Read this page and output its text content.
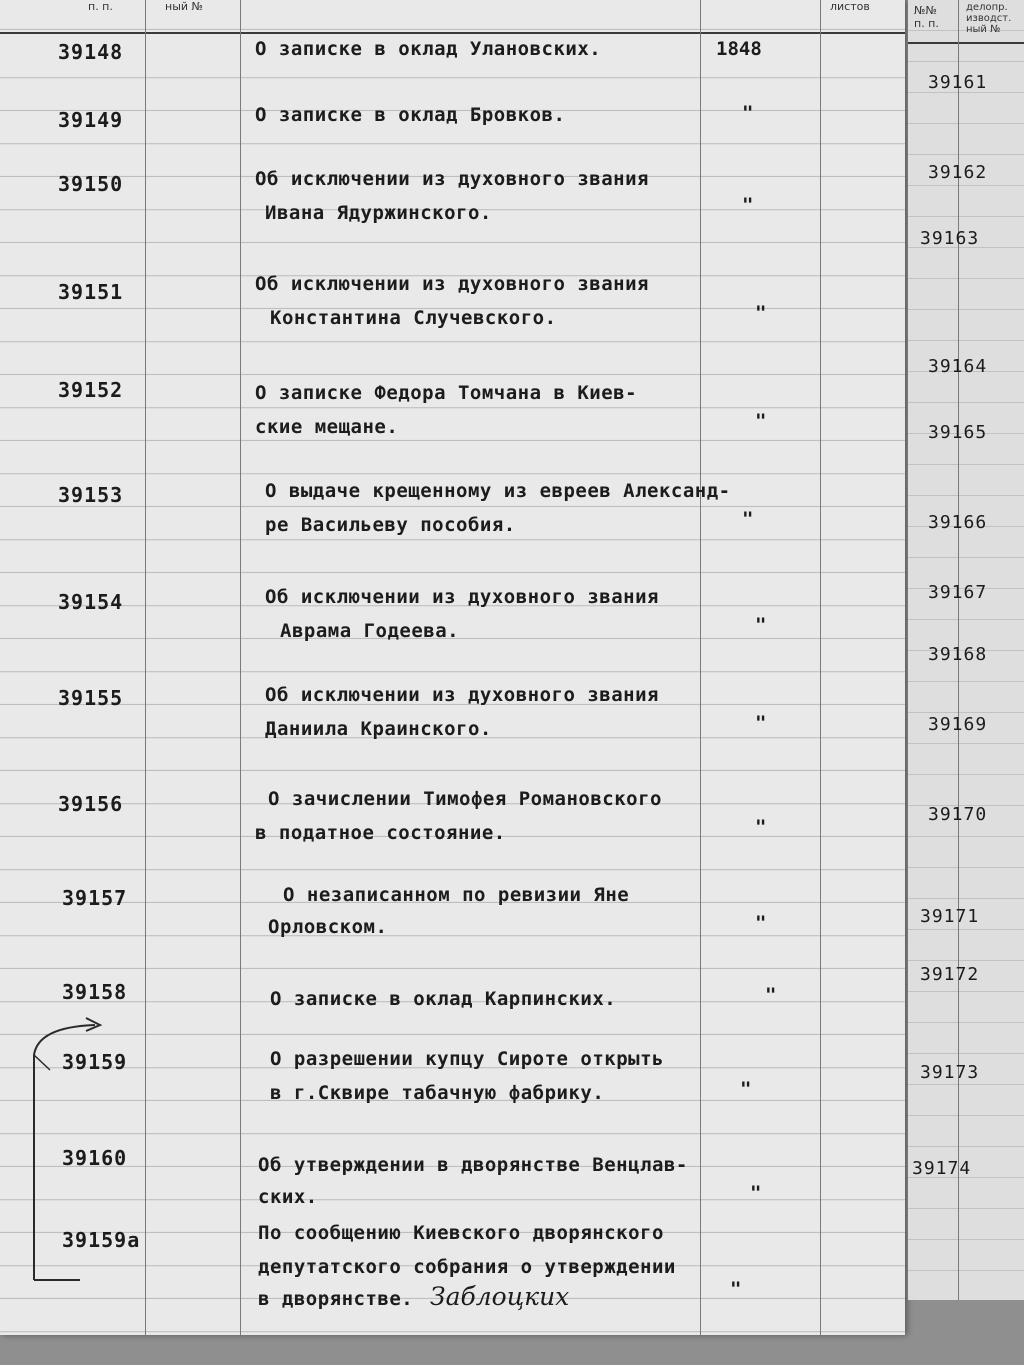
п. п.	ный №	листов
39148	О записке в оклад Улановских.	1848
39149	О записке в оклад Бровков.	"
39150	Об исключении из духовного звания
Ивана Ядуржинского.	"
39151	Об исключении из духовного звания
Константина Случевского.	"
39152	О записке Федора Томчана в Киев-
ские мещане.	"
39153	О выдаче крещенному из евреев Александ-
ре Васильеву пособия.	"
39154	Об исключении из духовного звания
Аврама Годеева.	"
39155	Об исключении из духовного звания
Даниила Краинского.	"
39156	О зачислении Тимофея Романовского
в податное состояние.	"
39157	О незаписанном по ревизии Яне
Орловском.	"
39158	О записке в оклад Карпинских.	"
39159	О разрешении купцу Сироте открыть
в г.Сквире табачную фабрику.	"
39160	Об утверждении в дворянстве Венцлав-
ских.	"
39159а	По сообщению Киевского дворянского
депутатского собрания о утверждении
в дворянстве. Заблоцких	"
№№
п. п.
делопр. изводст. ный №
39161
39162
39163
39164
39165
39166
39167
39168
39169
39170
39171
39172
39173
39174
